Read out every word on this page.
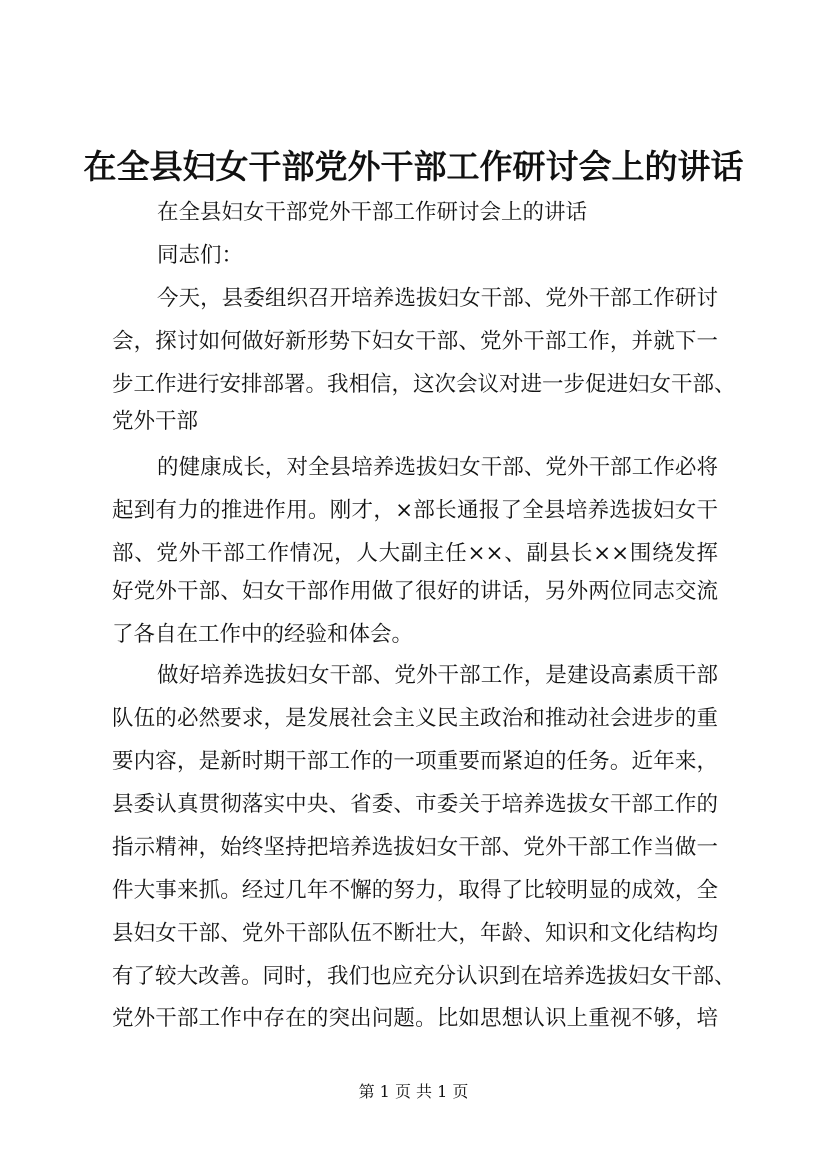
在全县妇女干部党外干部工作研讨会上的讲话

在全县妇女干部党外干部工作研讨会上的讲话

同志们：

今天，县委组织召开培养选拔妇女干部、党外干部工作研讨

会，探讨如何做好新形势下妇女干部、党外干部工作，并就下一

步工作进行安排部署。我相信，这次会议对进一步促进妇女干部、

党外干部

的健康成长，对全县培养选拔妇女干部、党外干部工作必将

起到有力的推进作用。刚才，×部长通报了全县培养选拔妇女干

部、党外干部工作情况，人大副主任××、副县长××围绕发挥

好党外干部、妇女干部作用做了很好的讲话，另外两位同志交流

了各自在工作中的经验和体会。

做好培养选拔妇女干部、党外干部工作，是建设高素质干部

队伍的必然要求，是发展社会主义民主政治和推动社会进步的重

要内容，是新时期干部工作的一项重要而紧迫的任务。近年来，

县委认真贯彻落实中央、省委、市委关于培养选拔女干部工作的

指示精神，始终坚持把培养选拔妇女干部、党外干部工作当做一

件大事来抓。经过几年不懈的努力，取得了比较明显的成效，全

县妇女干部、党外干部队伍不断壮大，年龄、知识和文化结构均

有了较大改善。同时，我们也应充分认识到在培养选拔妇女干部、

党外干部工作中存在的突出问题。比如思想认识上重视不够，培

第 1 页 共 1 页
